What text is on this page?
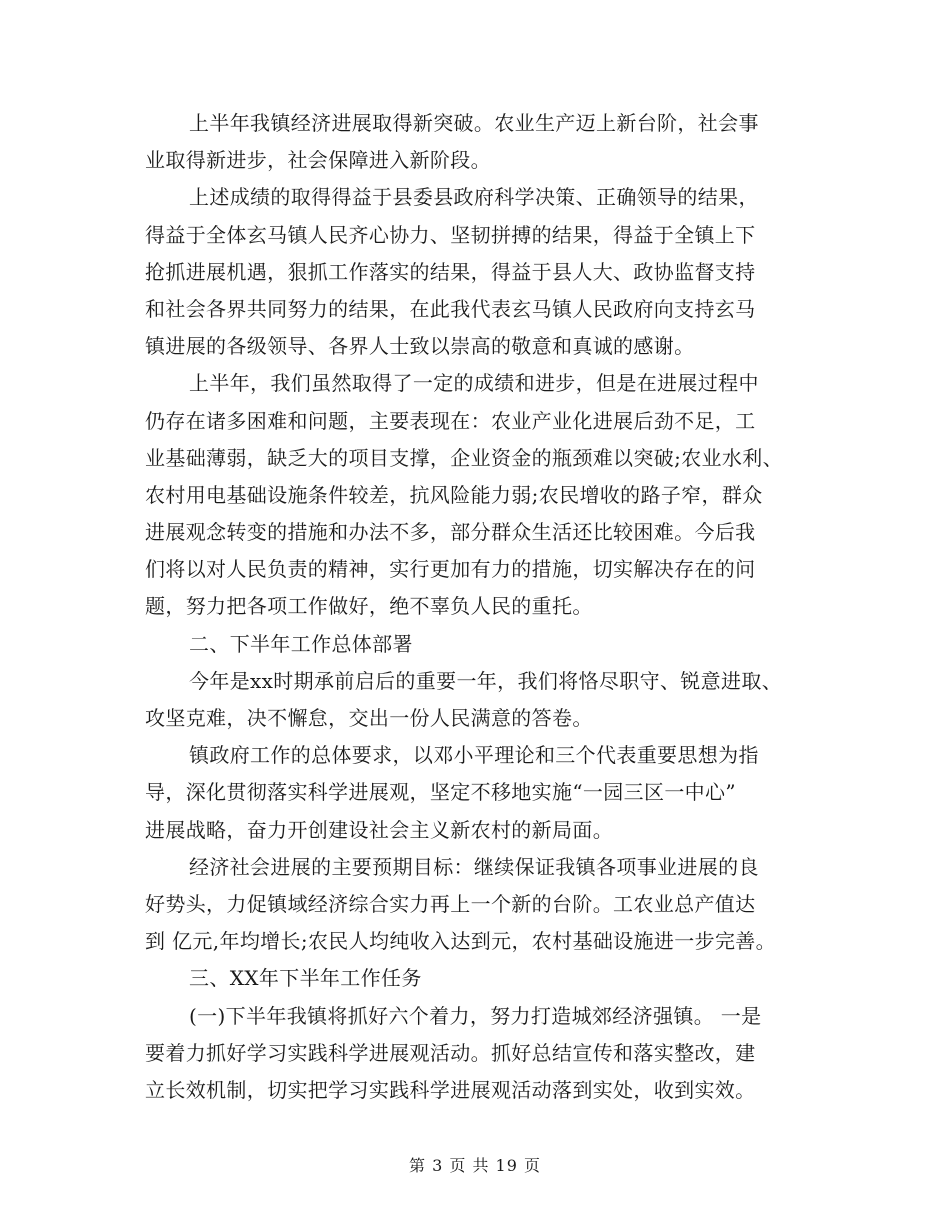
上半年我镇经济进展取得新突破。农业生产迈上新台阶，社会事
业取得新进步，社会保障进入新阶段。
上述成绩的取得得益于县委县政府科学决策、正确领导的结果，
得益于全体玄马镇人民齐心协力、坚韧拼搏的结果，得益于全镇上下
抢抓进展机遇，狠抓工作落实的结果，得益于县人大、政协监督支持
和社会各界共同努力的结果，在此我代表玄马镇人民政府向支持玄马
镇进展的各级领导、各界人士致以崇高的敬意和真诚的感谢。
上半年，我们虽然取得了一定的成绩和进步，但是在进展过程中
仍存在诸多困难和问题，主要表现在：农业产业化进展后劲不足，工
业基础薄弱，缺乏大的项目支撑，企业资金的瓶颈难以突破;农业水利、
农村用电基础设施条件较差，抗风险能力弱;农民增收的路子窄，群众
进展观念转变的措施和办法不多，部分群众生活还比较困难。今后我
们将以对人民负责的精神，实行更加有力的措施，切实解决存在的问
题，努力把各项工作做好，绝不辜负人民的重托。
二、下半年工作总体部署
今年是xx时期承前启后的重要一年，我们将恪尽职守、锐意进取、
攻坚克难，决不懈怠，交出一份人民满意的答卷。
镇政府工作的总体要求，以邓小平理论和三个代表重要思想为指
导，深化贯彻落实科学进展观，坚定不移地实施“一园三区一中心”
进展战略，奋力开创建设社会主义新农村的新局面。
经济社会进展的主要预期目标：继续保证我镇各项事业进展的良
好势头，力促镇域经济综合实力再上一个新的台阶。工农业总产值达
到 亿元,年均增长;农民人均纯收入达到元，农村基础设施进一步完善。
三、XX年下半年工作任务
(一)下半年我镇将抓好六个着力，努力打造城郊经济强镇。 一是
要着力抓好学习实践科学进展观活动。抓好总结宣传和落实整改，建
立长效机制，切实把学习实践科学进展观活动落到实处，收到实效。
第 3 页 共 19 页
